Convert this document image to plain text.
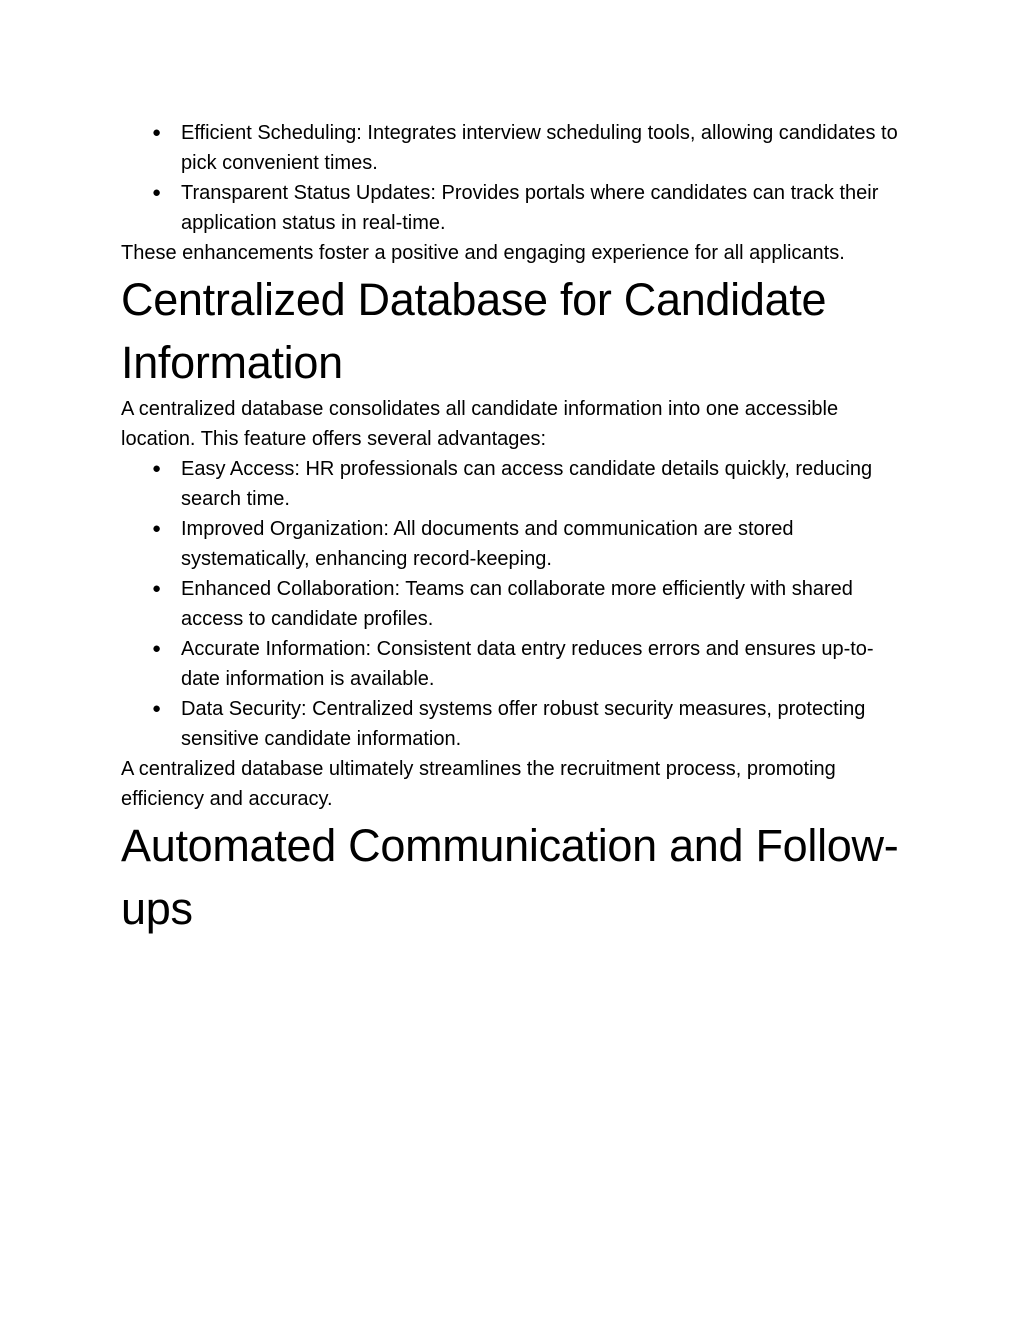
● Efficient Scheduling: Integrates interview scheduling tools, allowing candidates to pick convenient times.
● Transparent Status Updates: Provides portals where candidates can track their application status in real-time.

These enhancements foster a positive and engaging experience for all applicants.

Centralized Database for Candidate Information

A centralized database consolidates all candidate information into one accessible location. This feature offers several advantages:

● Easy Access: HR professionals can access candidate details quickly, reducing search time.
● Improved Organization: All documents and communication are stored systematically, enhancing record-keeping.
● Enhanced Collaboration: Teams can collaborate more efficiently with shared access to candidate profiles.
● Accurate Information: Consistent data entry reduces errors and ensures up-to-date information is available.
● Data Security: Centralized systems offer robust security measures, protecting sensitive candidate information.

A centralized database ultimately streamlines the recruitment process, promoting efficiency and accuracy.

Automated Communication and Follow-ups
